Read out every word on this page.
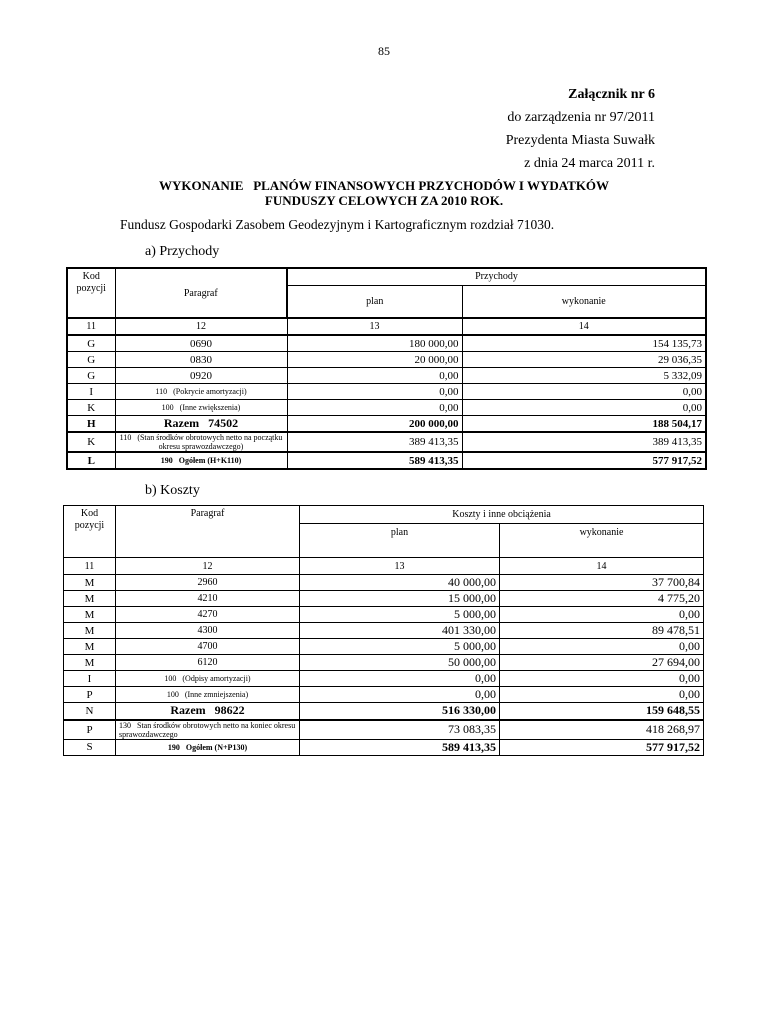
85
Załącznik nr 6
do zarządzenia nr 97/2011
Prezydenta Miasta Suwałk
z dnia 24 marca 2011 r.
WYKONANIE   PLANÓW FINANSOWYCH PRZYCHODÓW I WYDATKÓW
FUNDUSZY CELOWYCH ZA 2010 ROK.
Fundusz Gospodarki Zasobem Geodezyjnym i Kartograficznym rozdział 71030.
a) Przychody
Kod pozycji	Paragraf	Przychody	
		plan	wykonanie
11	12	13	14
G	0690	180 000,00	154 135,73
G	0830	20 000,00	29 036,35
G	0920	0,00	5 332,09
I	110   (Pokrycie amortyzacji)	0,00	0,00
K	100   (Inne zwiększenia)	0,00	0,00
H	Razem   74502	200 000,00	188 504,17
K	110   (Stan środków obrotowych netto na początku okresu sprawozdawczego)	389 413,35	389 413,35
L	190   Ogółem (H+K110)	589 413,35	577 917,52
b) Koszty
Kod pozycji	Paragraf	Koszty i inne obciążenia	
		plan	wykonanie
11	12	13	14
M	2960	40 000,00	37 700,84
M	4210	15 000,00	4 775,20
M	4270	5 000,00	0,00
M	4300	401 330,00	89 478,51
M	4700	5 000,00	0,00
M	6120	50 000,00	27 694,00
I	100   (Odpisy amortyzacji)	0,00	0,00
P	100   (Inne zmniejszenia)	0,00	0,00
N	Razem   98622	516 330,00	159 648,55
P	130   Stan środków obrotowych netto na koniec okresu sprawozdawczego	73 083,35	418 268,97
S	190   Ogółem (N+P130)	589 413,35	577 917,52
